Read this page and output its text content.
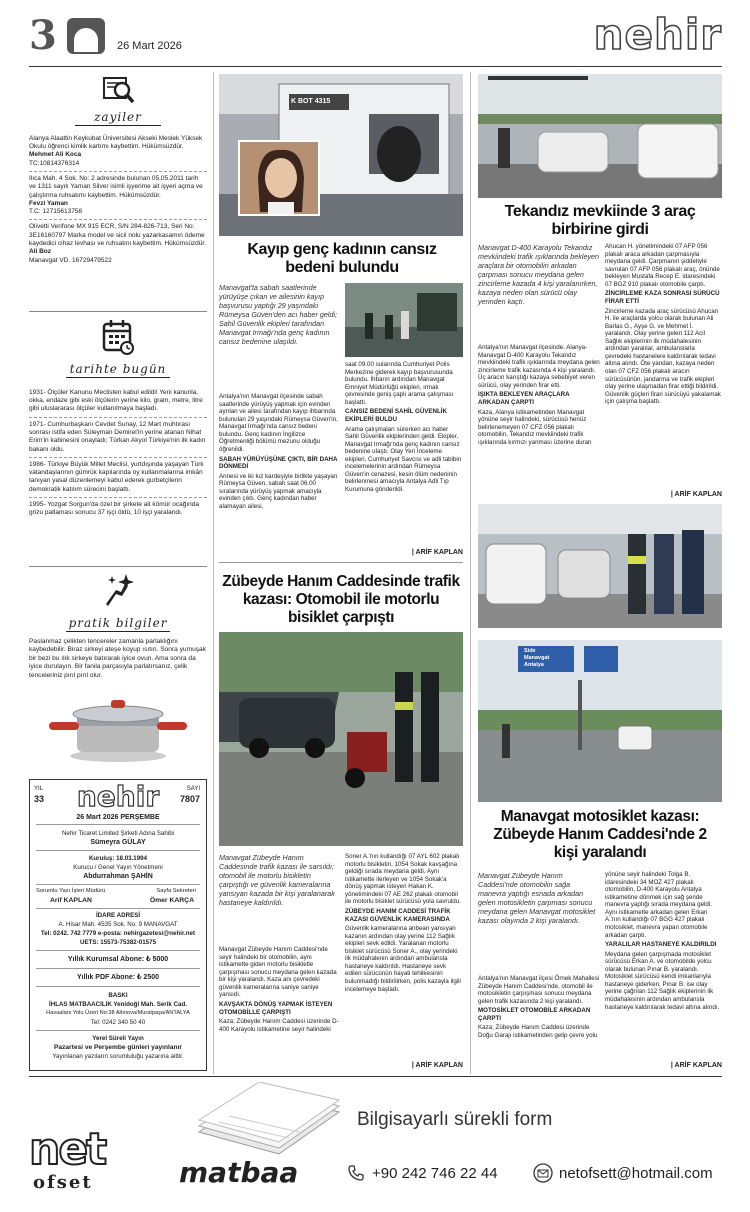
3	26 Mart 2026	nehir
zayiler
Alanya Alaattin Keykubat Üniversitesi Akseki Meslek Yüksek Okulu öğrenci kimlik kartımı kaybettim. Hükümsüzdür.
Mehmet Ali Koca
TC:10814376314
Ilıca Mah. 4 Sok. No: 2 adresinde bulunan 05.05.2011 tarih ve 1311 sayılı Yaman Silver isimli işyerime ait işyeri açma ve çalıştırma ruhsatımı kaybettim. Hükümsüzdür.
Fevzi Yaman
T.C: 12715613758
Olivetti Verifone MX 915 ECR, S/N 284-826-713, Seri No: 3E16160797 Marka model ve sicil nolu yazarkasamın ödeme kaydedici cihaz levhası ve ruhsatını kaybettim. Hükümsüzdür.
Ali Boz
Manavgat VD. 16729479522
tarihte bugün
1931- Ölçüler Kanunu Meclisten kabul edildi! Yeni kanunla, okka, endaze gibi eski ölçülerin yerine kilo, gram, metre, litre gibi uluslararası ölçüler kullanılmaya başladı.
1971- Cumhurbaşkanı Cevdet Sunay, 12 Mart muhtırası sonrası istifa eden Süleyman Demirel'in yerine atanan Nihat Erim'in kabinesini onayladı; Türkan Akyol Türkiye'nin ilk kadın bakanı oldu.
1986- Türkiye Büyük Millet Meclisi, yurtdışında yaşayan Türk vatandaşlarının gümrük kapılarında oy kullanmalarına imkân tanıyan yasal düzenlemeyi kabul ederek gurbetçilerin demokratik katılım sürecini başlattı.
1995- Yozgat Sorgun'da özel bir şirkete ait kömür ocağında grizu patlaması sonucu 37 işçi öldü, 10 işçi yaralandı.
pratik bilgiler
Paslanmaz çelikten tencereler zamanla parlaklığını kaybedebilir. Biraz sirkeyi ateşe koyup ısıtın. Sonra yumuşak bir bezi bu ılık sirkeye batırarak iyice ovun. Ama sonra da iyice durulayın. Bir fanila parçasıyla parlatırsanız, çelik tenceleriniz pırıl pırıl olur.
YIL
33
SAYI
7807
nehir
26 Mart 2026 PERŞEMBE
Nehir Ticaret Limited Şirketi Adına Sahibi
Sümeyra GÜLAY
Kuruluş: 18.03.1994
Kurucu / Genel Yayın Yönetmeni
Abdurrahman ŞAHİN
Sorumlu Yazı İşleri Müdürü
Arif KAPLAN
Sayfa Sekreteri
Ömer KARÇA
İDARE ADRESİ
A. Hisar Mah. 4535 Sok. No: 9 MANAVGAT
Tel: 0242. 742 7779 e-posta: nehirgazetesi@nehir.net
UETS: 15573-75382-01575
Yıllık Kurumsal Abone: ₺ 5000
Yıllık PDF Abone: ₺ 2500
BASKI
İHLAS MATBAACILIK Yenidoğl Mah. Serik Cad.
Havaalanı Yolu Üzeri No:38 Altınova/Muratpaşa/ANTALYA
Tel: 0242 340 50 40
Yerel Süreli Yayın
Pazartesi ve Perşembe günleri yayınlanır
Yayınlanan yazıların sorumluluğu yazarına aittir.
K BOT 4315
Kayıp genç kadının cansız bedeni bulundu
Manavgat'ta sabah saatlerinde yürüyüşe çıkan ve ailesinin kayıp başvurusu yaptığı 29 yaşındaki Rümeysa Güven'den acı haber geldi; Sahil Güvenlik ekipleri tarafından Manavgat Irmağı'nda genç kadının cansız bedenine ulaşıldı.

Antalya'nın Manavgat ilçesinde sabah saatlerinde yürüyüş yapmak için evinden ayrılan ve ailesi tarafından kayıp ihbarında bulunulan 29 yaşındaki Rümeysa Güven'in, Manavgat Irmağı'nda cansız bedeni bulundu. Genç kadının İngilizce Öğretmenliği bölümü mezunu olduğu öğrenildi.

SABAH YÜRÜYÜŞÜNE ÇIKTI, BİR DAHA DÖNMEDİ

Annesi ve iki kız kardeşiyle birlikte yaşayan Rümeysa Güven, sabah saat 06.00 sıralarında yürüyüş yapmak amacıyla evinden çıktı. Genç kadından haber alamayan ailesi,

saat 09.00 sularında Cumhuriyet Polis Merkezine giderek kayıp başvurusunda bulundu. İhbarın ardından Manavgat Emniyet Müdürlüğü ekipleri, ırmak çevresinde geniş çaplı arama çalışması başlattı.

CANSIZ BEDENİ SAHİL GÜVENLİK EKİPLERİ BULDU

Arama çalışmaları sürerken acı haber Sahil Güvenlik ekiplerinden geldi. Ekipler, Manavgat Irmağı'nda genç kadının cansız bedenine ulaştı. Olay Yeri İnceleme ekipleri, Cumhuriyet Savcısı ve adli tabibin incelemelerinin ardından Rümeysa Güven'in cenazesi, kesin ölüm nedeninin belirlenmesi amacıyla Antalya Adli Tıp Kurumuna gönderildi.

| ARİF KAPLAN
Zübeyde Hanım Caddesinde trafik kazası: Otomobil ile motorlu bisiklet çarpıştı
Manavgat Zübeyde Hanım Caddesinde trafik kazası ile sarsıldı; otomobil ile motorlu bisikletin çarpıştığı ve güvenlik kameralarına yansıyan kazada bir kişi yaralanarak hastaneye kaldırıldı.

Manavgat Zübeyde Hanım Caddesi'nde seyir halindeki bir otomobilin, aynı istikamette giden motorlu bisikletle çarpışması sonucu meydana gelen kazada bir kişi yaralandı. Kaza anı çevredeki güvenlik kameralarına saniye saniye yansıdı.

KAVŞAKTA DÖNÜŞ YAPMAK İSTEYEN OTOMOBİLLE ÇARPIŞTI

Kaza; Zübeyde Hanım Caddesi üzerinde D-400 Karayolu istikametine seyir halindeki

Soner A.'nın kullandığı 07 AYL 602 plakalı motorlu bisikletin, 1054 Sokak kavşağına geldiği sırada meydana geldi. Aynı istikamette ilerleyen ve 1054 Sokak'a dönüş yapmak isteyen Hakan K. yönetimindeki 07 AE 262 plakalı otomobil ile motorlu bisiklet sürücüsü yola savruldu.

ZÜBEYDE HANIM CADDESİ TRAFİK KAZASI GÜVENLİK KAMERASINDA

Güvenlik kameralarına anbean yansıyan kazanın ardından olay yerine 112 Sağlık ekipleri sevk edildi. Yaralanan motorlu bisiklet sürücüsü Soner A., olay yerindeki ilk müdahalenin ardından ambulansla hastaneye kaldırıldı. Hastaneye sevk edilen sürücünün hayati tehlikesinin bulunmadığı bildirilirken, polis kazayla ilgili incelemeye başladı.

| ARİF KAPLAN
Tekandız mevkiinde 3 araç birbirine girdi
Manavgat D-400 Karayolu Tekandız mevkiindeki trafik ışıklarında bekleyen araçlara bir otomobilin arkadan çarpması sonucu meydana gelen zincirleme kazada 4 kişi yaralanırken, kazaya neden olan sürücü olay yerinden kaçtı.

Antalya'nın Manavgat ilçesinde, Alanya-Manavgat D-400 Karayolu Tekandız mevkiindeki trafik ışıklarında meydana gelen zincirleme trafik kazasında 4 kişi yaralandı. Üç aracın karıştığı kazaya sebebiyet veren sürücü, olay yerinden firar etti.

IŞIKTA BEKLEYEN ARAÇLARA ARKADAN ÇARPTI

Kaza, Alanya istikametinden Manavgat yönüne seyir halindeki, sürücüsü henüz belirlenemeyen 07 CFZ 056 plakalı otomobilin, Tekandız mevkiindeki trafik ışıklarında kırmızı yanması üzerine duran

Ahucan H. yönetimindeki 07 AFP 056 plakalı araca arkadan çarpmasıyla meydana geldi. Çarpmanın şiddetiyle savrulan 07 AFP 056 plakalı araç, önünde bekleyen Mustafa Recep E. idaresindeki 07 BGZ 910 plakalı otomobile çarptı.

ZİNCİRLEME KAZA SONRASI SÜRÜCÜ FİRAR ETTİ

Zincirleme kazada araç sürücüsü Ahucan H. ile araçlarda yolcu olarak bulunan Ali Barlas G., Ayşe G. ve Mehmet İ. yaralandı. Olay yerine gelen 112 Acil Sağlık ekiplerinin ilk müdahalesinin ardından yaralılar, ambulanslarla çevredeki hastanelere kaldırılarak tedavi altına alındı. Öte yandan, kazaya neden olan 07 CFZ 056 plakalı aracın sürücüsünün, jandarma ve trafik ekipleri olay yerine ulaşmadan firar ettiği bildirildi. Güvenlik güçleri firari sürücüyü yakalamak için çalışma başlattı.

| ARİF KAPLAN
Side
Manavgat
Antalya
Manavgat motosiklet kazası: Zübeyde Hanım Caddesi'nde 2 kişi yaralandı
Manavgat Zübeyde Hanım Caddesi'nde otomobilin sağa manevra yaptığı esnada arkadan gelen motosikletin çarpması sonucu meydana gelen Manavgat motosiklet kazası olayında 2 kişi yaralandı.

Antalya'nın Manavgat ilçesi Örnek Mahallesi Zübeyde Hanım Caddesi'nde, otomobil ile motosikletin çarpışması sonucu meydana gelen trafik kazasında 2 kişi yaralandı.

MOTOSİKLET OTOMOBİLE ARKADAN ÇARPTI

Kaza; Zübeyde Hanım Caddesi üzerinde Doğu Garajı istikametinden gelip çevre yolu

yönüne seyir halindeki Tolga B. idaresindeki 34 MOZ 427 plakalı otomobilin, D-400 Karayolu Antalya istikametine dönmek için sağ şeride manevra yaptığı sırada meydana geldi. Aynı istikamette arkadan gelen Erkan A.'nın kullandığı 07 BGG 427 plakalı motosiklet, manevra yapan otomobile arkadan çarptı.

YARALILAR HASTANEYE KALDIRILDI

Meydana gelen çarpışmada motosiklet sürücüsü Erkan A. ve otomobilde yolcu olarak bulunan Pınar B. yaralandı. Motosiklet sürücüsü kendi imkanlarıyla hastaneye giderken, Pınar B. ise olay yerine çağrılan 112 Sağlık ekiplerinin ilk müdahalesinin ardından ambulansla hastaneye kaldırılarak tedavi altına alındı.

| ARİF KAPLAN
Bilgisayarlı sürekli form
net
ofset	matbaa	+90 242 746 22 44	netofsett@hotmail.com
